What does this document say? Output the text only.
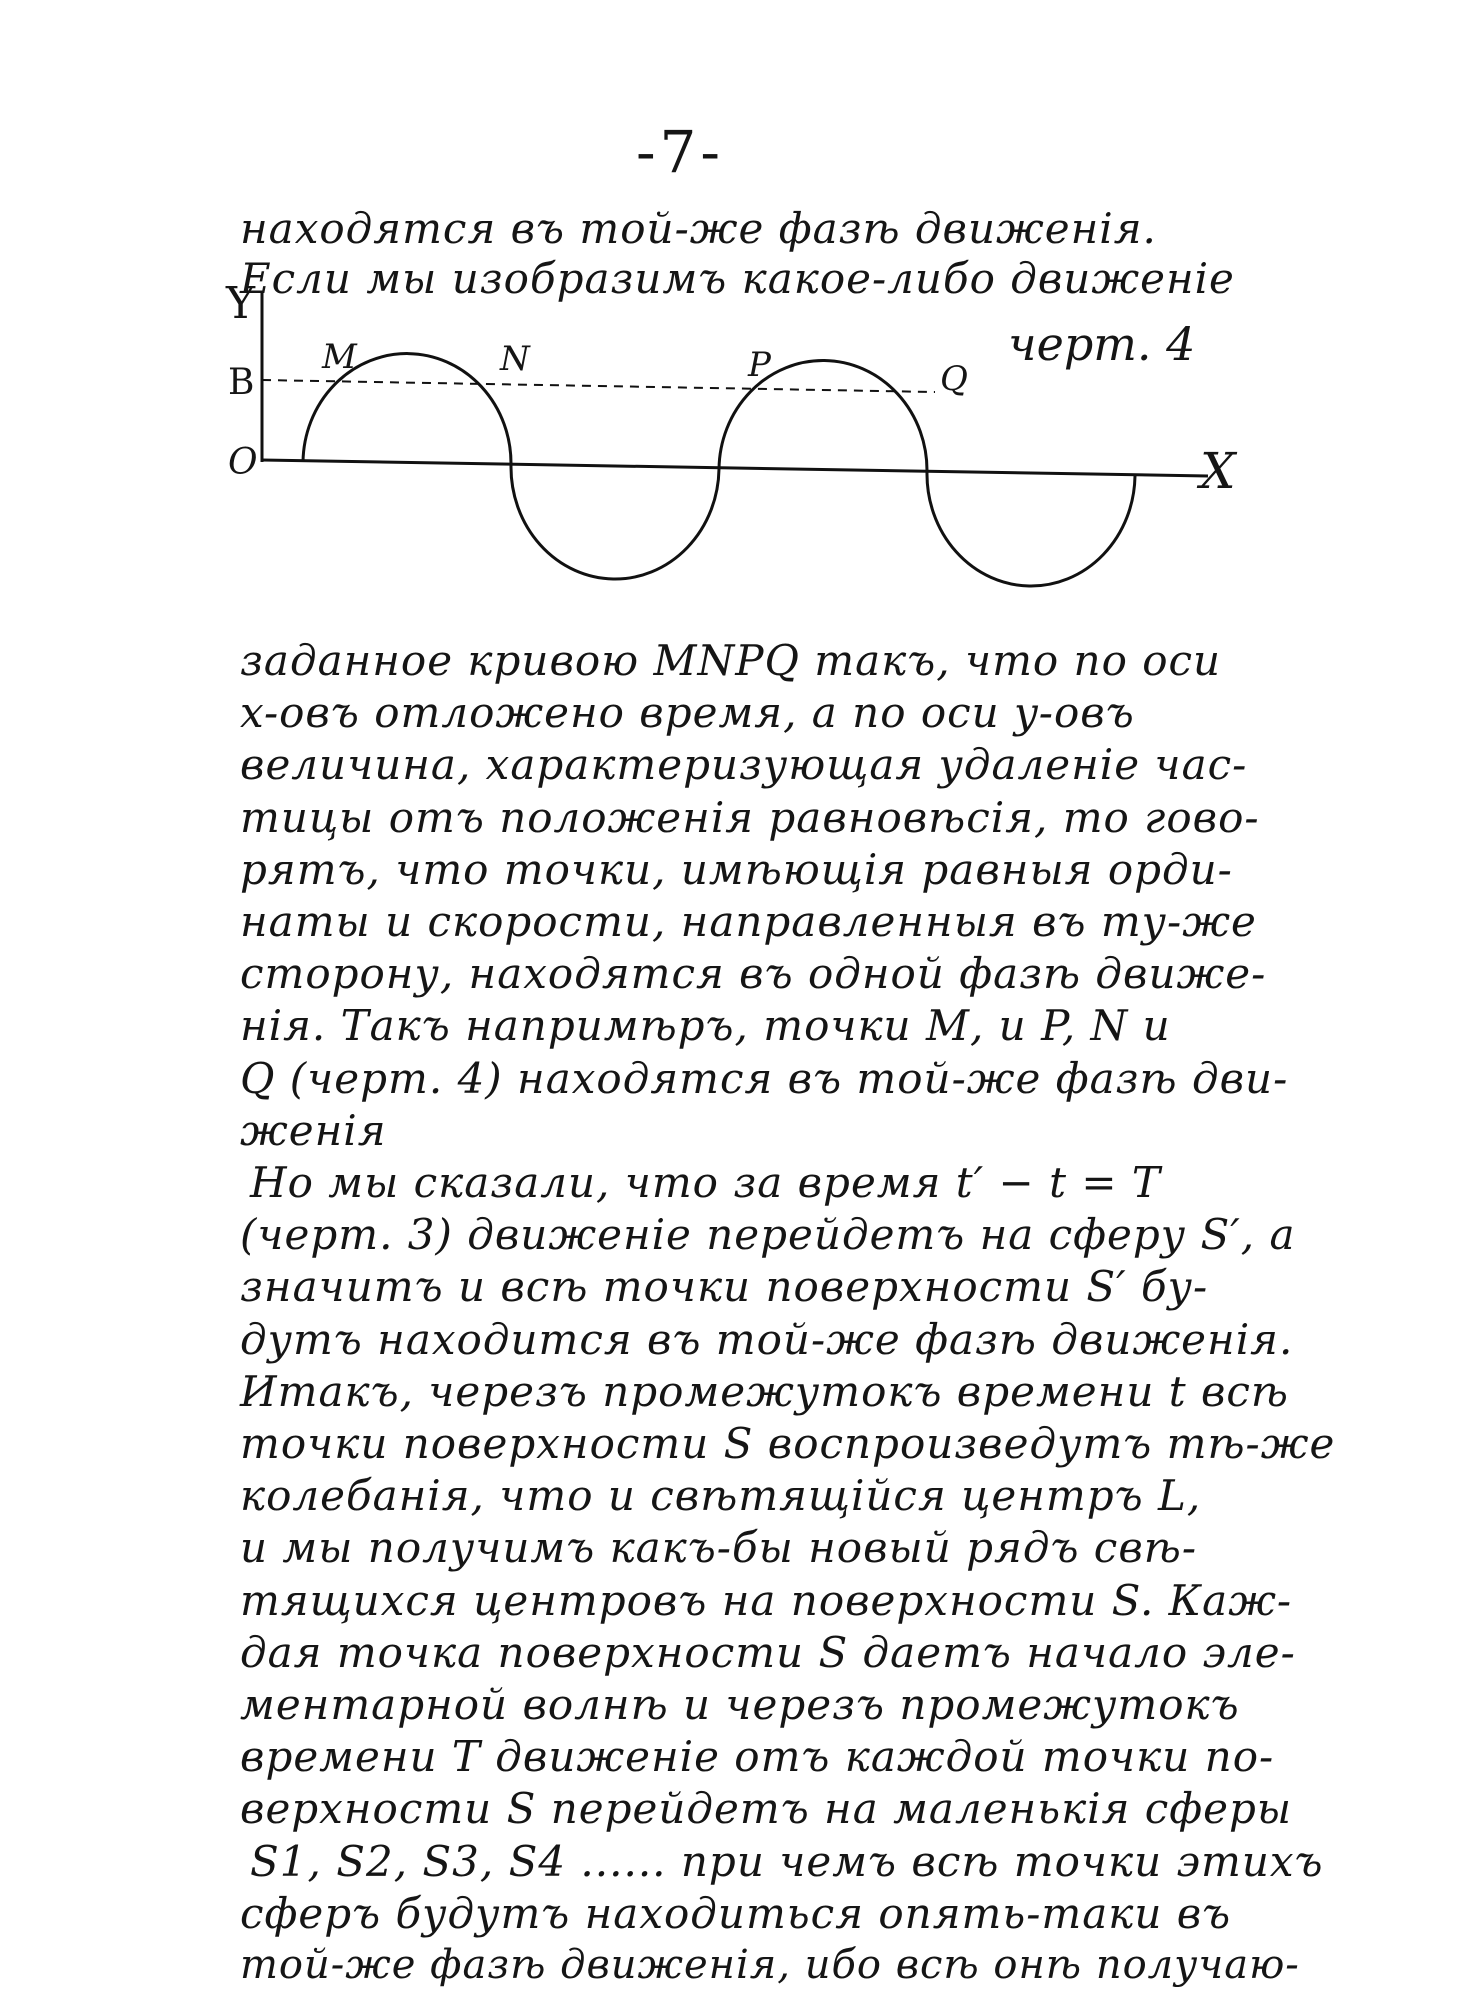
-7-
находятся въ той-же фазѣ движенія.
Если мы изобразимъ какое-либо движеніе
Y
B
O	X
M	N	P	Q
черт. 4
заданное кривою MNPQ такъ, что по оси
x-овъ отложено время, а по оси y-овъ
величина, характеризующая удаленіе час-
тицы отъ положенія равновѣсія, то гово-
рятъ, что точки, имѣющія равныя орди-
наты и скорости, направленныя въ ту-же
сторону, находятся въ одной фазѣ движе-
нія. Такъ напримѣръ, точки M, и P, N и
Q (черт. 4) находятся въ той-же фазѣ дви-
женія
Но мы сказали, что за время t′ − t = T
(черт. 3) движеніе перейдетъ на сферу S′, а
значитъ и всѣ точки поверхности S′ бу-
дутъ находится въ той-же фазѣ движенія.
Итакъ, черезъ промежутокъ времени t всѣ
точки поверхности S воспроизведутъ тѣ-же
колебанія, что и свѣтящійся центръ L,
и мы получимъ какъ-бы новый рядъ свѣ-
тящихся центровъ на поверхности S. Каж-
дая точка поверхности S даетъ начало эле-
ментарной волнѣ и черезъ промежутокъ
времени T движеніе отъ каждой точки по-
верхности S перейдетъ на маленькія сферы
S1, S2, S3, S4 ...... при чемъ всѣ точки этихъ
сферъ будутъ находиться опять-таки въ
той-же фазѣ движенія, ибо всѣ онѣ получаю-
